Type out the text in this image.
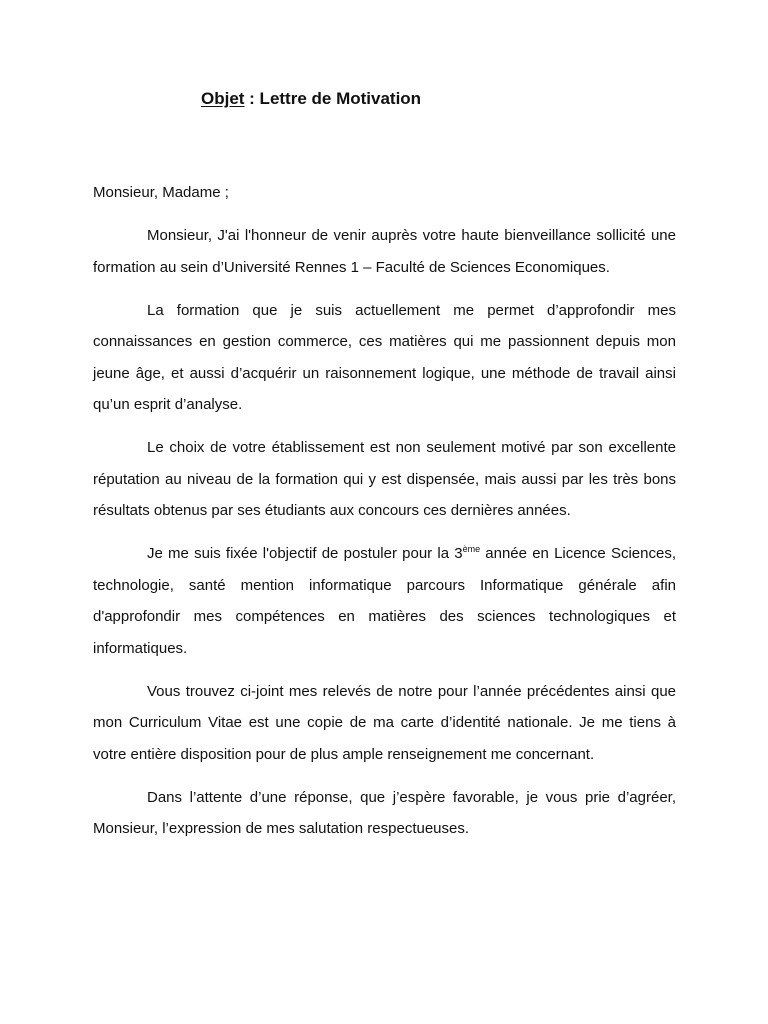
Objet : Lettre de Motivation
Monsieur, Madame ;

Monsieur, J'ai l'honneur de venir auprès votre haute bienveillance sollicité une formation au sein d’Université Rennes 1 – Faculté de Sciences Economiques.

La formation que je suis actuellement me permet d’approfondir mes connaissances en gestion commerce, ces matières qui me passionnent depuis mon jeune âge, et aussi d’acquérir un raisonnement logique, une méthode de travail ainsi qu’un esprit d’analyse.

Le choix de votre établissement est non seulement motivé par son excellente réputation au niveau de la formation qui y est dispensée, mais aussi par les très bons résultats obtenus par ses étudiants aux concours ces dernières années.

Je me suis fixée l'objectif de postuler pour la 3ème année en Licence Sciences, technologie, santé mention informatique parcours Informatique générale afin d'approfondir mes compétences en matières des sciences technologiques et informatiques.

Vous trouvez ci-joint mes relevés de notre pour l’année précédentes ainsi que mon Curriculum Vitae est une copie de ma carte d’identité nationale. Je me tiens à votre entière disposition pour de plus ample renseignement me concernant.

Dans l’attente d’une réponse, que j’espère favorable, je vous prie d’agréer, Monsieur, l’expression de mes salutation respectueuses.
